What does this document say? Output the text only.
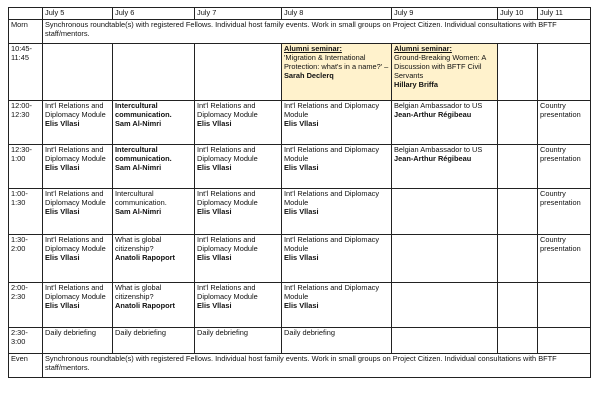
	July 5	July 6	July 7	July 8	July 9	July 10	July 11
Morn	Synchronous roundtable(s) with registered Fellows. Individual host family events. Work in small groups on Project Citizen. Individual consultations with BFTF staff/mentors.						
10:45-
11:45				Alumni seminar:
'Migration & International Protection: what's in a name?' –
Sarah Declerq	Alumni seminar:
Ground-Breaking Women: A Discussion with BFTF Civil Servants
Hillary Briffa		

12:00-
12:30	Int'l Relations and Diplomacy Module
Elis Vllasi	Intercultural communication.
Sam Al-Nimri	Int'l Relations and Diplomacy Module
Elis Vllasi	Int'l Relations and Diplomacy Module
Elis Vllasi	Belgian Ambassador to US
Jean-Arthur Régibeau		Country presentation

12:30-
1:00	Int'l Relations and Diplomacy Module
Elis Vllasi	Intercultural communication.
Sam Al-Nimri	Int'l Relations and Diplomacy Module
Elis Vllasi	Int'l Relations and Diplomacy Module
Elis Vllasi	Belgian Ambassador to US
Jean-Arthur Régibeau		Country presentation

1:00-
1:30	Int'l Relations and Diplomacy Module
Elis Vllasi	Intercultural communication.
Sam Al-Nimri	Int'l Relations and Diplomacy Module
Elis Vllasi	Int'l Relations and Diplomacy Module
Elis Vllasi			Country presentation

1:30-
2:00	Int'l Relations and Diplomacy Module
Elis Vllasi	What is global citizenship?
Anatoli Rapoport	Int'l Relations and Diplomacy Module
Elis Vllasi	Int'l Relations and Diplomacy Module
Elis Vllasi			Country presentation

2:00-
2:30	Int'l Relations and Diplomacy Module
Elis Vllasi	What is global citizenship?
Anatoli Rapoport	Int'l Relations and Diplomacy Module
Elis Vllasi	Int'l Relations and Diplomacy Module
Elis Vllasi			

2:30-
3:00	Daily debriefing	Daily debriefing	Daily debriefing	Daily debriefing			
Even	Synchronous roundtable(s) with registered Fellows. Individual host family events. Work in small groups on Project Citizen. Individual consultations with BFTF staff/mentors.						
